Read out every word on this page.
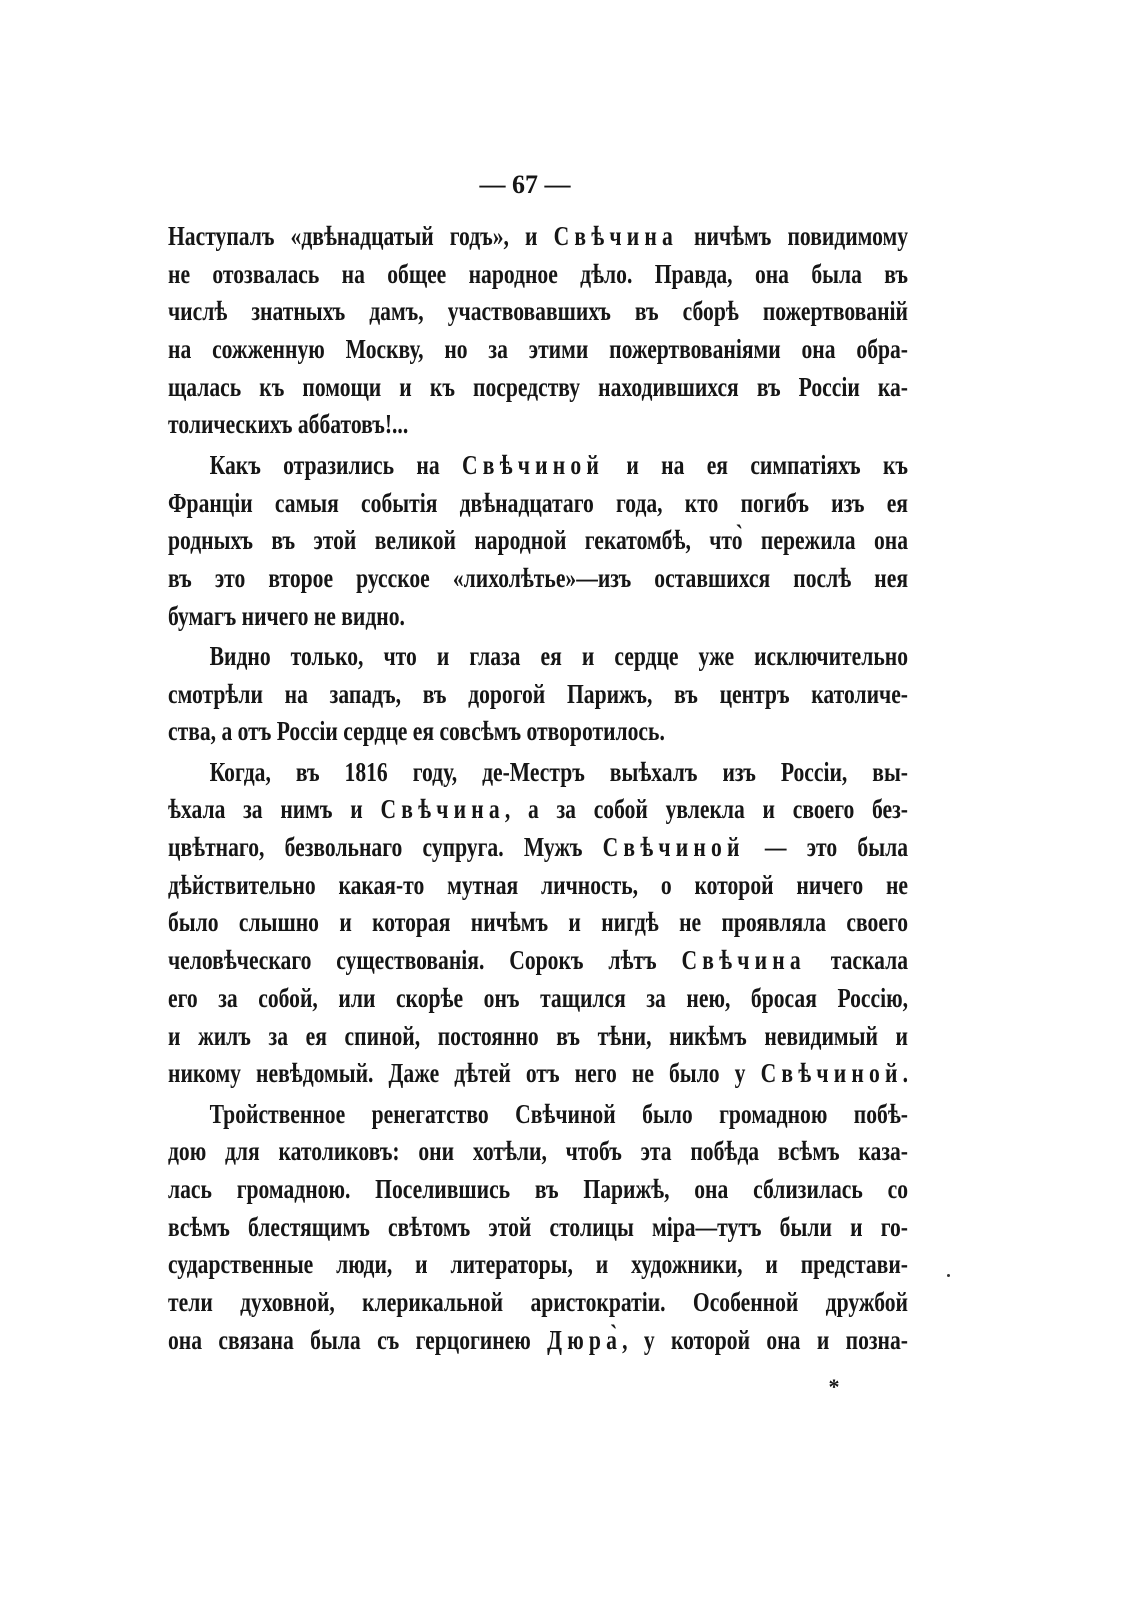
— 67 —
Наступалъ «двѣнадцатый годъ», и Свѣчина ничѣмъ повидимому
не отозвалась на общее народное дѣло. Правда, она была въ
числѣ знатныхъ дамъ, участвовавшихъ въ сборѣ пожертвованій
на сожженную Москву, но за этими пожертвованіями она обра-
щалась къ помощи и къ посредству находившихся въ Россіи ка-
толическихъ аббатовъ!...
Какъ отразились на Свѣчиной и на ея симпатіяхъ къ
Франціи самыя событія двѣнадцатаго года, кто погибъ изъ ея
родныхъ въ этой великой народной гекатомбѣ, что̀ пережила она
въ это второе русское «лихолѣтье»—изъ оставшихся послѣ нея
бумагъ ничего не видно.
Видно только, что и глаза ея и сердце уже исключительно
смотрѣли на западъ, въ дорогой Парижъ, въ центръ католиче-
ства, а отъ Россіи сердце ея совсѣмъ отворотилось.
Когда, въ 1816 году, де-Местръ выѣхалъ изъ Россіи, вы-
ѣхала за нимъ и Свѣчина, а за собой увлекла и своего без-
цвѣтнаго, безвольнаго супруга. Мужъ Свѣчиной — это была
дѣйствительно какая-то мутная личность, о которой ничего не
было слышно и которая ничѣмъ и нигдѣ не проявляла своего
человѣческаго существованія. Сорокъ лѣтъ Свѣчина таскала
его за собой, или скорѣе онъ тащился за нею, бросая Россію,
и жилъ за ея спиной, постоянно въ тѣни, никѣмъ невидимый и
никому невѣдомый. Даже дѣтей отъ него не было у Свѣчиной.
Тройственное ренегатство Свѣчиной было громадною побѣ-
дою для католиковъ: они хотѣли, чтобъ эта побѣда всѣмъ каза-
лась громадною. Поселившись въ Парижѣ, она сблизилась со
всѣмъ блестящимъ свѣтомъ этой столицы міра—тутъ были и го-
сударственные люди, и литераторы, и художники, и представи-
тели духовной, клерикальной аристократіи. Особенной дружбой
она связана была съ герцогинею Дюра̀, у которой она и позна-
*
